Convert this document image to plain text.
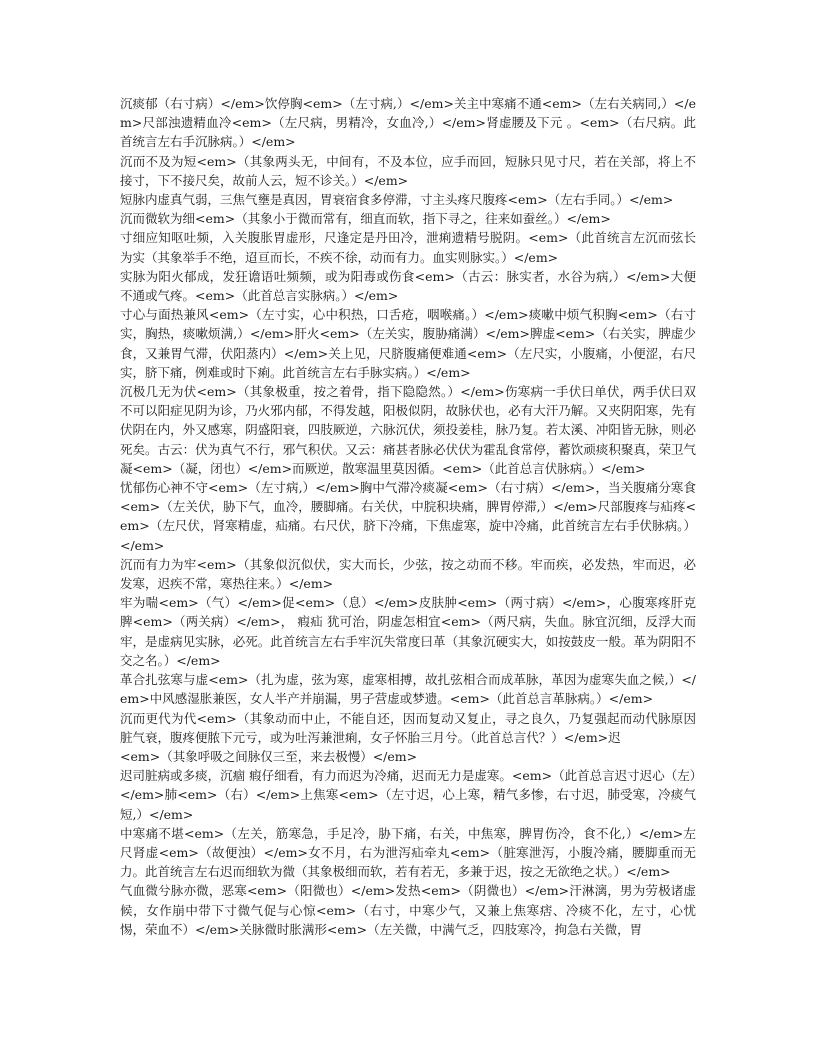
沉痰郁（右寸病）</em>饮停胸<em>（左寸病,）</em>关主中寒痛不通<em>（左右关病同,）</em>尺部浊遗精血冷<em>（左尺病，男精冷，女血冷,）</em>肾虚腰及下元 。<em>（右尺病。此首统言左右手沉脉病。）</em>

沉而不及为短<em>（其象两头无，中间有，不及本位，应手而回，短脉只见寸尺，若在关部，将上不接寸，下不接尺矣，故前人云，短不诊关。）</em>

短脉内虚真气弱，三焦气壅是真因，胃衰宿食多停滞，寸主头疼尺腹疼<em>（左右手同。）</em>

沉而微软为细<em>（其象小于微而常有，细直而软，指下寻之，往来如蚕丝。）</em>

寸细应知呕吐频，入关腹胀胃虚形，尺逢定是丹田冷，泄痢遗精号脱阴。<em>（此首统言左沉而弦长为实（其象举手不绝，迢亘而长，不疾不徐，动而有力。血实则脉实。）</em>

实脉为阳火郁成，发狂谵语吐频频，或为阳毒或伤食<em>（古云：脉实者，水谷为病,）</em>大便不通或气疼。<em>（此首总言实脉病。）</em>

寸心与面热兼风<em>（左寸实，心中积热，口舌疮，咽喉痛。）</em>痰嗽中烦气积胸<em>（右寸实，胸热，痰嗽烦满,）</em>肝火<em>（左关实，腹胁痛满）</em>脾虚<em>（右关实，脾虚少食，又兼胃气滞，伏阳蒸内）</em>关上见，尺脐腹痛便难通<em>（左尺实，小腹痛，小便涩，右尺实，脐下痛，例难或时下痢。此首统言左右手脉实病。）</em>

沉极几无为伏<em>（其象极重，按之着骨，指下隐隐然。）</em>伤寒病一手伏曰单伏，两手伏曰双不可以阳症见阴为诊，乃火邪内郁，不得发越，阳极似阴，故脉伏也，必有大汗乃解。又夹阴阳寒，先有伏阴在内，外又感寒，阴盛阳衰，四肢厥逆，六脉沉伏，须投姜桂，脉乃复。若太溪、冲阳皆无脉，则必死矣。古云：伏为真气不行，邪气积伏。又云：痛甚者脉必伏伏为霍乱食常停，蓄饮顽痰积聚真，荣卫气凝<em>（凝，闭也）</em>而厥逆，散寒温里莫因循。<em>（此首总言伏脉病。）</em>

忧郁伤心神不守<em>（左寸病,）</em>胸中气滞冷痰凝<em>（右寸病）</em>，当关腹痛分寒食<em>（左关伏，胁下气，血冷，腰脚痛。右关伏，中脘积块痛，脾胃停滞,）</em>尺部腹疼与疝疼<em>（左尺伏，肾寒精虚，疝痛。右尺伏，脐下冷痛，下焦虚寒，旋中冷痛，此首统言左右手伏脉病。）</em>

沉而有力为牢<em>（其象似沉似伏，实大而长，少弦，按之动而不移。牢而疾，必发热，牢而迟，必发寒，迟疾不常，寒热往来。）</em>

牢为喘<em>（气）</em>促<em>（息）</em>皮肤肿<em>（两寸病）</em>，心腹寒疼肝克脾<em>（两关病）</em>， 瘕疝 犹可治，阴虚怎相宜<em>（两尺病，失血。脉宜沉细，反浮大而牢，是虚病见实脉，必死。此首统言左右手牢沉失常度曰革（其象沉硬实大，如按鼓皮一般。革为阴阳不交之名。）</em>

革合扎弦寒与虚<em>（扎为虚，弦为寒，虚寒相搏，故扎弦相合而成革脉，革因为虚寒失血之候,）</em>中风感湿胀兼医，女人半产并崩漏，男子营虚或梦遗。<em>（此首总言革脉病。）</em>

沉而更代为代<em>（其象动而中止，不能自还，因而复动又复止，寻之良久，乃复强起而动代脉原因脏气衰，腹疼便脓下元亏，或为吐泻兼泄痢，女子怀胎三月兮。（此首总言代？）</em>迟

<em>（其象呼吸之间脉仅三至，来去极慢）</em>

迟司脏病或多痰，沉痼 瘕仔细看，有力而迟为冷痛，迟而无力是虚寒。<em>（此首总言迟寸迟心（左）</em>肺<em>（右）</em>上焦寒<em>（左寸迟，心上寒，精气多惨，右寸迟，肺受寒，冷痰气短,）</em>

中寒痛不堪<em>（左关，筋寒急，手足冷，胁下痛，右关，中焦寒，脾胃伤冷，食不化,）</em>左尺肾虚<em>（故便浊）</em>女不月，右为泄泻疝牵丸<em>（脏寒泄泻，小腹冷痛，腰脚重而无力。此首统言左右迟而细软为微（其象极细而软，若有若无，多兼于迟，按之无欲绝之状。）</em>

气血微兮脉亦微，恶寒<em>（阳微也）</em>发热<em>（阴微也）</em>汗淋漓，男为劳极诸虚候，女作崩中带下寸微气促与心惊<em>（右寸，中寒少气，又兼上焦寒痞、冷痰不化，左寸，心忧惕，荣血不）</em>关脉微时胀满形<em>（左关微，中满气乏，四肢寒冷，拘急右关微，胃
